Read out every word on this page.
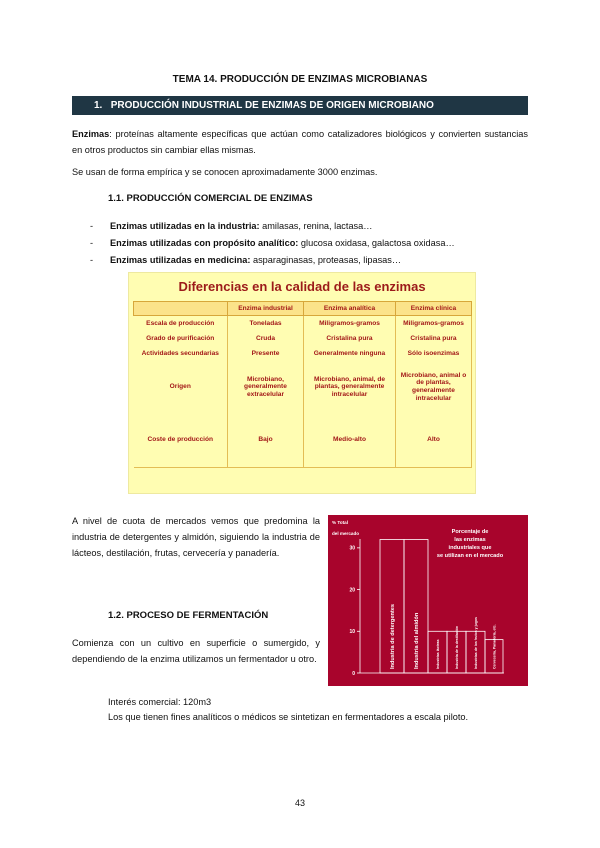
TEMA 14. PRODUCCIÓN DE ENZIMAS MICROBIANAS
1. PRODUCCIÓN INDUSTRIAL DE ENZIMAS DE ORIGEN MICROBIANO
Enzimas: proteínas altamente específicas que actúan como catalizadores biológicos y convierten sustancias en otros productos sin cambiar ellas mismas.
Se usan de forma empírica y se conocen aproximadamente 3000 enzimas.
1.1. PRODUCCIÓN COMERCIAL DE ENZIMAS
- Enzimas utilizadas en la industria: amilasas, renina, lactasa…
- Enzimas utilizadas con propósito analítico: glucosa oxidasa, galactosa oxidasa…
- Enzimas utilizadas en medicina: asparaginasas, proteasas, lipasas…
Diferencias en la calidad de las enzimas
	Enzima industrial	Enzima analítica	Enzima clínica
Escala de producción	Toneladas	Miligramos-gramos	Miligramos-gramos
Grado de purificación	Cruda	Cristalina pura	Cristalina pura
Actividades secundarias	Presente	Generalmente ninguna	Sólo isoenzimas
Origen	Microbiano, generalmente extracelular	Microbiano, animal, de plantas, generalmente intracelular	Microbiano, animal o de plantas, generalmente intracelular
Coste de producción	Bajo	Medio-alto	Alto
A nivel de cuota de mercados vemos que predomina la industria de detergentes y almidón, siguiendo la industria de lácteos, destilación, frutas, cervecería y panadería.
1.2. PROCESO DE FERMENTACIÓN
Comienza con un cultivo en superficie o sumergido, y dependiendo de la enzima utilizamos un fermentador u otro.
% Total
del mercado
0
10
20
30
Porcentaje de
las enzimas
industriales que
se utilizan en el mercado
Industria de detergentes	Industria del almidón	Industrias lácteas	Industria de la destilación	Industrias de los frutos y jugos	Cervecería, Panadería, etc.
Interés comercial: 120m3
Los que tienen fines analíticos o médicos se sintetizan en fermentadores a escala piloto.
43
